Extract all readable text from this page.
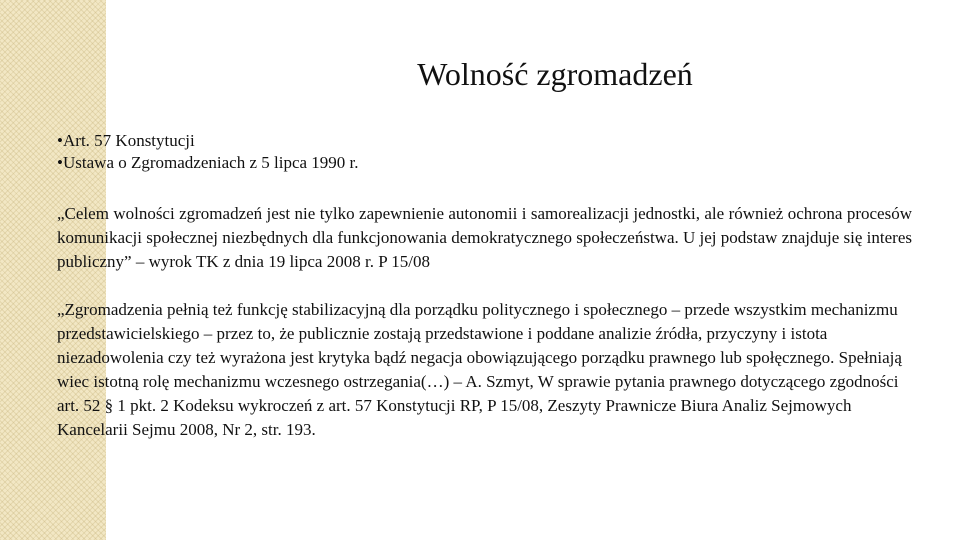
Wolność zgromadzeń
•Art. 57 Konstytucji
•Ustawa o Zgromadzeniach z 5 lipca 1990 r.

„Celem wolności zgromadzeń jest nie tylko zapewnienie autonomii i samorealizacji jednostki, ale również ochrona procesów komunikacji społecznej niezbędnych dla funkcjonowania demokratycznego społeczeństwa. U jej podstaw znajduje się interes publiczny” – wyrok TK z dnia 19 lipca 2008 r. P 15/08

„Zgromadzenia pełnią też funkcję stabilizacyjną dla porządku politycznego i społecznego – przede wszystkim mechanizmu przedstawicielskiego – przez to, że publicznie zostają przedstawione i poddane analizie źródła, przyczyny i istota niezadowolenia czy też wyrażona jest krytyka bądź negacja obowiązującego porządku prawnego lub społęcznego. Spełniają wiec istotną rolę mechanizmu wczesnego ostrzegania(…) – A. Szmyt, W sprawie pytania prawnego dotyczącego zgodności art. 52 § 1 pkt. 2 Kodeksu wykroczeń z art. 57 Konstytucji RP, P 15/08, Zeszyty Prawnicze Biura Analiz Sejmowych Kancelarii Sejmu 2008, Nr 2, str. 193.
